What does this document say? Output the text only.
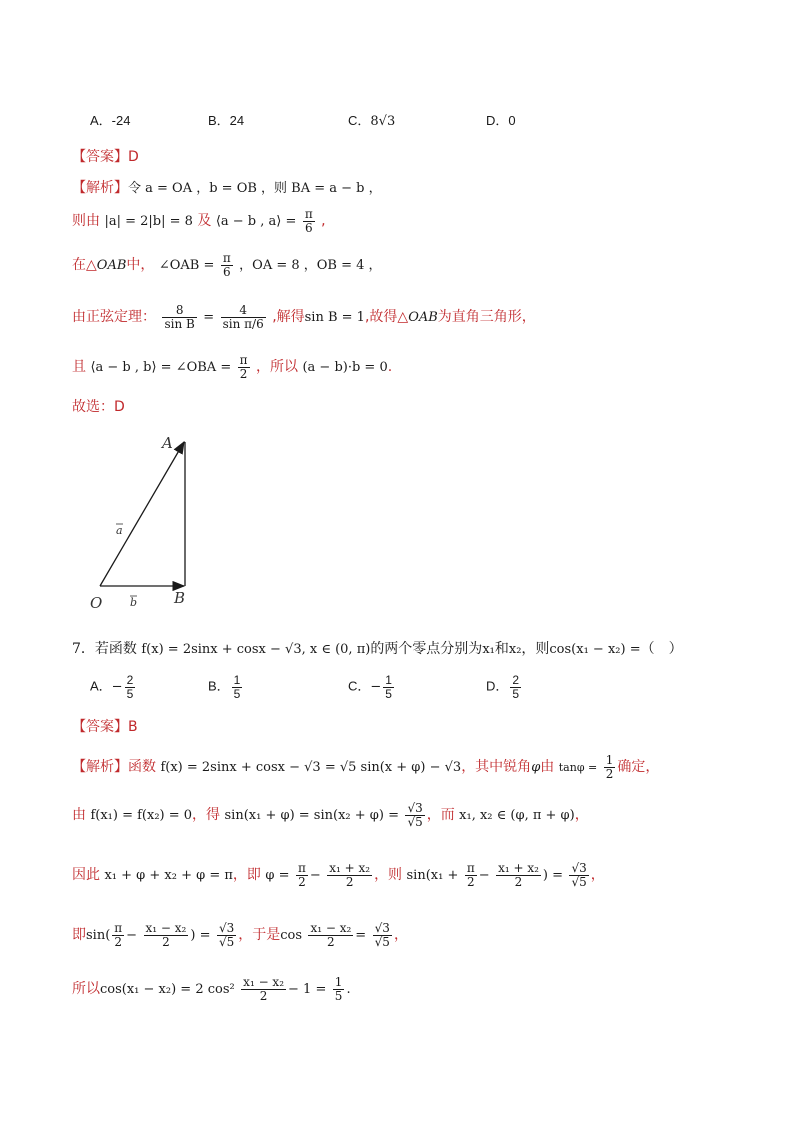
A．-24	B．24	C．8√3	D．0
【答案】D
【解析】令 a = OA ，b = OB ，则 BA = a − b ，
则由 |a| = 2|b| = 8 及 ⟨a − b , a⟩ = $\frac{\pi}{6}$ ,
在△OAB中， ∠OAB = $\frac{\pi}{6}$ ，OA = 8 ，OB = 4 ，
由正弦定理： $\frac{8}{\text{sin B}} = \frac{4}{\text{sin π/6}}$ ,解得sin B = 1,故得△OAB为直角三角形，
且 ⟨a − b , b⟩ = ∠OBA = $\frac{\pi}{2}$ ，所以 (a − b)·b = 0.
故选：D
A
B
O
a
b
7．若函数 f(x) = 2sinx + cosx − √3, x ∈ (0, π)的两个零点分别为x₁和x₂，则cos(x₁ − x₂) =（　）
A．− $\frac{2}{5}$	B． $\frac{1}{5}$	C．− $\frac{1}{5}$	D． $\frac{2}{5}$
【答案】B
【解析】函数 f(x) = 2sinx + cosx − √3 = √5 sin(x + φ) − √3，其中锐角φ由 $\tan\varphi = \frac{1}{2}$ 确定，
由 f(x₁) = f(x₂) = 0，得 $\sin(x_1 + \varphi) = \sin(x_2 + \varphi) = \frac{√3}{√5}$ ，而 x₁, x₂ ∈ (φ, π + φ)，
因此 x₁ + φ + x₂ + φ = π，即 $\varphi = \frac{\pi}{2} - \frac{\text{x₁ + x₂}}{2}$ ，则 $\sin(x_1 + \frac{\pi}{2} - \frac{\text{x₁ + x₂}}{2}$ ) = $\frac{√3}{√5}$ ，
即$\sin( \frac{\pi}{2} - \frac{\text{x₁ − x₂}}{2}$ ) = $\frac{√3}{√5}$ ，于是$\cos \frac{\text{x₁ − x₂}}{2} = \frac{√3}{√5}$ ，
所以cos(x₁ − x₂) = 2 $\cos^2 \frac{\text{x₁ − x₂}}{2} - 1 = \frac{1}{5}$ .
